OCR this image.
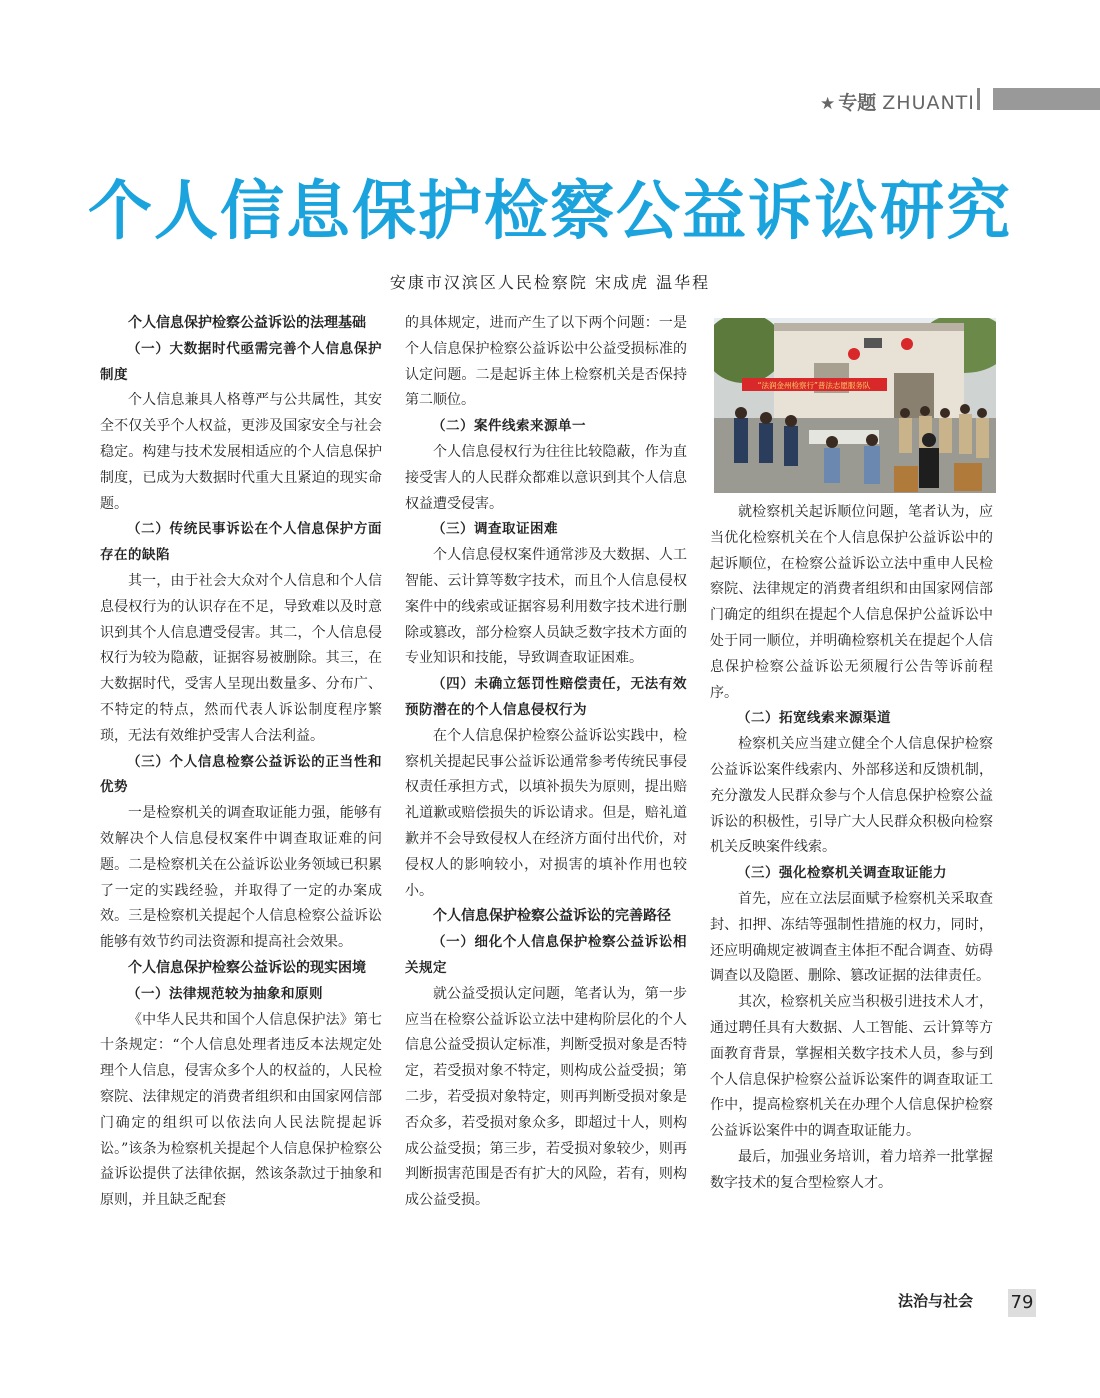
★ 专题 ZHUANTI
个人信息保护检察公益诉讼研究
安康市汉滨区人民检察院 宋成虎 温华程

个人信息保护检察公益诉讼的法理基础

（一）大数据时代亟需完善个人信息保护制度

个人信息兼具人格尊严与公共属性，其安全不仅关乎个人权益，更涉及国家安全与社会稳定。构建与技术发展相适应的个人信息保护制度，已成为大数据时代重大且紧迫的现实命题。

（二）传统民事诉讼在个人信息保护方面存在的缺陷

其一，由于社会大众对个人信息和个人信息侵权行为的认识存在不足，导致难以及时意识到其个人信息遭受侵害。其二，个人信息侵权行为较为隐蔽，证据容易被删除。其三，在大数据时代，受害人呈现出数量多、分布广、不特定的特点，然而代表人诉讼制度程序繁琐，无法有效维护受害人合法利益。

（三）个人信息检察公益诉讼的正当性和优势

一是检察机关的调查取证能力强，能够有效解决个人信息侵权案件中调查取证难的问题。二是检察机关在公益诉讼业务领域已积累了一定的实践经验，并取得了一定的办案成效。三是检察机关提起个人信息检察公益诉讼能够有效节约司法资源和提高社会效果。

个人信息保护检察公益诉讼的现实困境

（一）法律规范较为抽象和原则

《中华人民共和国个人信息保护法》第七十条规定：“个人信息处理者违反本法规定处理个人信息，侵害众多个人的权益的，人民检察院、法律规定的消费者组织和由国家网信部门确定的组织可以依法向人民法院提起诉讼。”该条为检察机关提起个人信息保护检察公益诉讼提供了法律依据，然该条款过于抽象和原则，并且缺乏配套

的具体规定，进而产生了以下两个问题：一是个人信息保护检察公益诉讼中公益受损标准的认定问题。二是起诉主体上检察机关是否保持第二顺位。

（二）案件线索来源单一

个人信息侵权行为往往比较隐蔽，作为直接受害人的人民群众都难以意识到其个人信息权益遭受侵害。

（三）调查取证困难

个人信息侵权案件通常涉及大数据、人工智能、云计算等数字技术，而且个人信息侵权案件中的线索或证据容易利用数字技术进行删除或篡改，部分检察人员缺乏数字技术方面的专业知识和技能，导致调查取证困难。

（四）未确立惩罚性赔偿责任，无法有效预防潜在的个人信息侵权行为

在个人信息保护检察公益诉讼实践中，检察机关提起民事公益诉讼通常参考传统民事侵权责任承担方式，以填补损失为原则，提出赔礼道歉或赔偿损失的诉讼请求。但是，赔礼道歉并不会导致侵权人在经济方面付出代价，对侵权人的影响较小，对损害的填补作用也较小。

个人信息保护检察公益诉讼的完善路径

（一）细化个人信息保护检察公益诉讼相关规定

就公益受损认定问题，笔者认为，第一步应当在检察公益诉讼立法中建构阶层化的个人信息公益受损认定标准，判断受损对象是否特定，若受损对象不特定，则构成公益受损；第二步，若受损对象特定，则再判断受损对象是否众多，若受损对象众多，即超过十人，则构成公益受损；第三步，若受损对象较少，则再判断损害范围是否有扩大的风险，若有，则构成公益受损。

“法润金州检察行”普法志愿服务队

就检察机关起诉顺位问题，笔者认为，应当优化检察机关在个人信息保护公益诉讼中的起诉顺位，在检察公益诉讼立法中重申人民检察院、法律规定的消费者组织和由国家网信部门确定的组织在提起个人信息保护公益诉讼中处于同一顺位，并明确检察机关在提起个人信息保护检察公益诉讼无须履行公告等诉前程序。

（二）拓宽线索来源渠道

检察机关应当建立健全个人信息保护检察公益诉讼案件线索内、外部移送和反馈机制，充分激发人民群众参与个人信息保护检察公益诉讼的积极性，引导广大人民群众积极向检察机关反映案件线索。

（三）强化检察机关调查取证能力

首先，应在立法层面赋予检察机关采取查封、扣押、冻结等强制性措施的权力，同时，还应明确规定被调查主体拒不配合调查、妨碍调查以及隐匿、删除、篡改证据的法律责任。

其次，检察机关应当积极引进技术人才，通过聘任具有大数据、人工智能、云计算等方面教育背景，掌握相关数字技术人员，参与到个人信息保护检察公益诉讼案件的调查取证工作中，提高检察机关在办理个人信息保护检察公益诉讼案件中的调查取证能力。

最后，加强业务培训，着力培养一批掌握数字技术的复合型检察人才。

法治与社会 79
